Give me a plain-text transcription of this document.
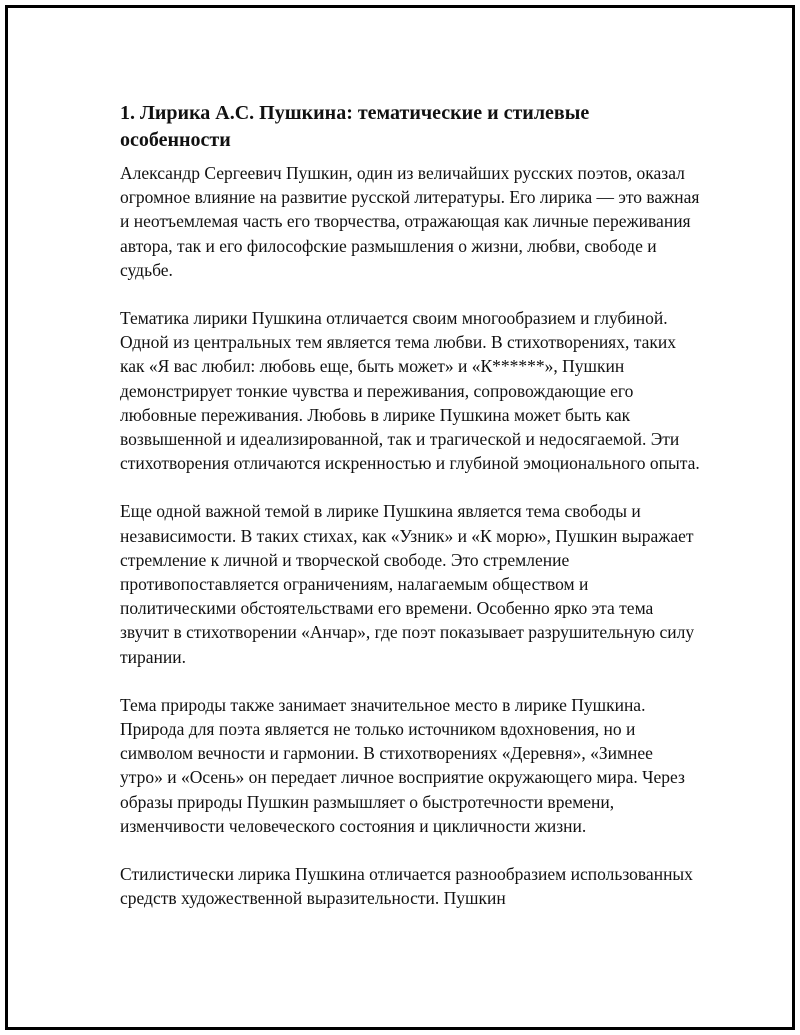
1. Лирика А.С. Пушкина: тематические и стилевые особенности

Александр Сергеевич Пушкин, один из величайших русских поэтов, оказал огромное влияние на развитие русской литературы. Его лирика — это важная и неотъемлемая часть его творчества, отражающая как личные переживания автора, так и его философские размышления о жизни, любви, свободе и судьбе.

Тематика лирики Пушкина отличается своим многообразием и глубиной. Одной из центральных тем является тема любви. В стихотворениях, таких как «Я вас любил: любовь еще, быть может» и «К******», Пушкин демонстрирует тонкие чувства и переживания, сопровождающие его любовные переживания. Любовь в лирике Пушкина может быть как возвышенной и идеализированной, так и трагической и недосягаемой. Эти стихотворения отличаются искренностью и глубиной эмоционального опыта.

Еще одной важной темой в лирике Пушкина является тема свободы и независимости. В таких стихах, как «Узник» и «К морю», Пушкин выражает стремление к личной и творческой свободе. Это стремление противопоставляется ограничениям, налагаемым обществом и политическими обстоятельствами его времени. Особенно ярко эта тема звучит в стихотворении «Анчар», где поэт показывает разрушительную силу тирании.

Тема природы также занимает значительное место в лирике Пушкина. Природа для поэта является не только источником вдохновения, но и символом вечности и гармонии. В стихотворениях «Деревня», «Зимнее утро» и «Осень» он передает личное восприятие окружающего мира. Через образы природы Пушкин размышляет о быстротечности времени, изменчивости человеческого состояния и цикличности жизни.

Стилистически лирика Пушкина отличается разнообразием использованных средств художественной выразительности. Пушкин
